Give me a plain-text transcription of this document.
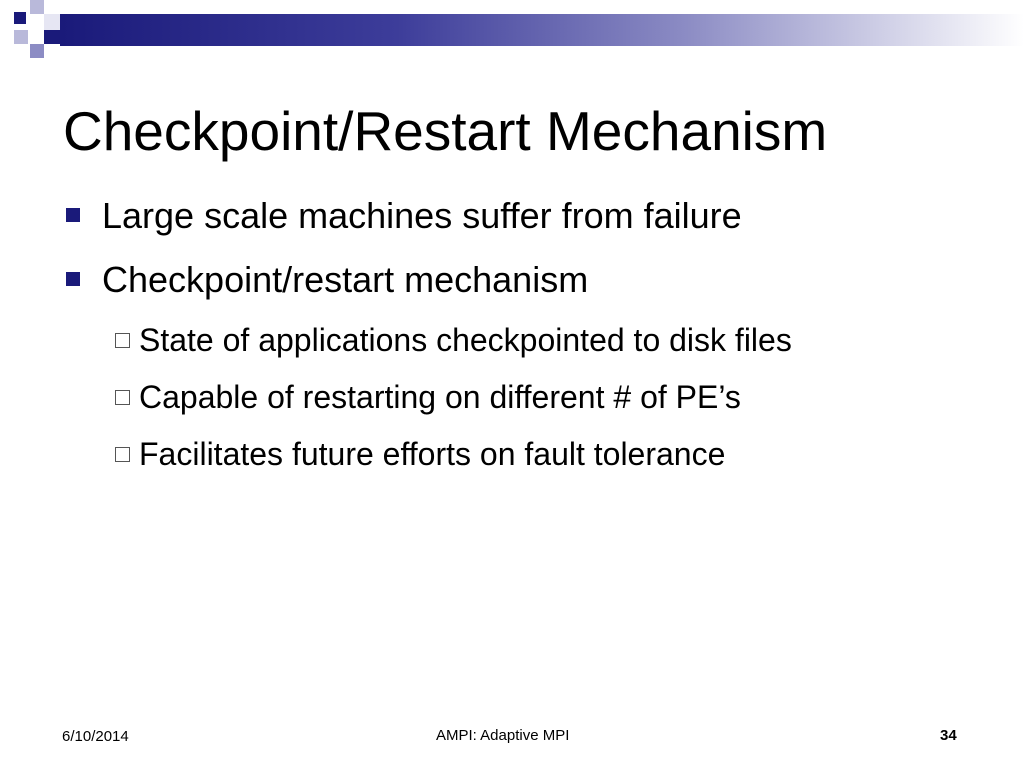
Checkpoint/Restart Mechanism
Large scale machines suffer from failure
Checkpoint/restart mechanism
State of applications checkpointed to disk files
Capable of restarting on different # of PE’s
Facilitates future efforts on fault tolerance
6/10/2014	AMPI: Adaptive MPI	34
